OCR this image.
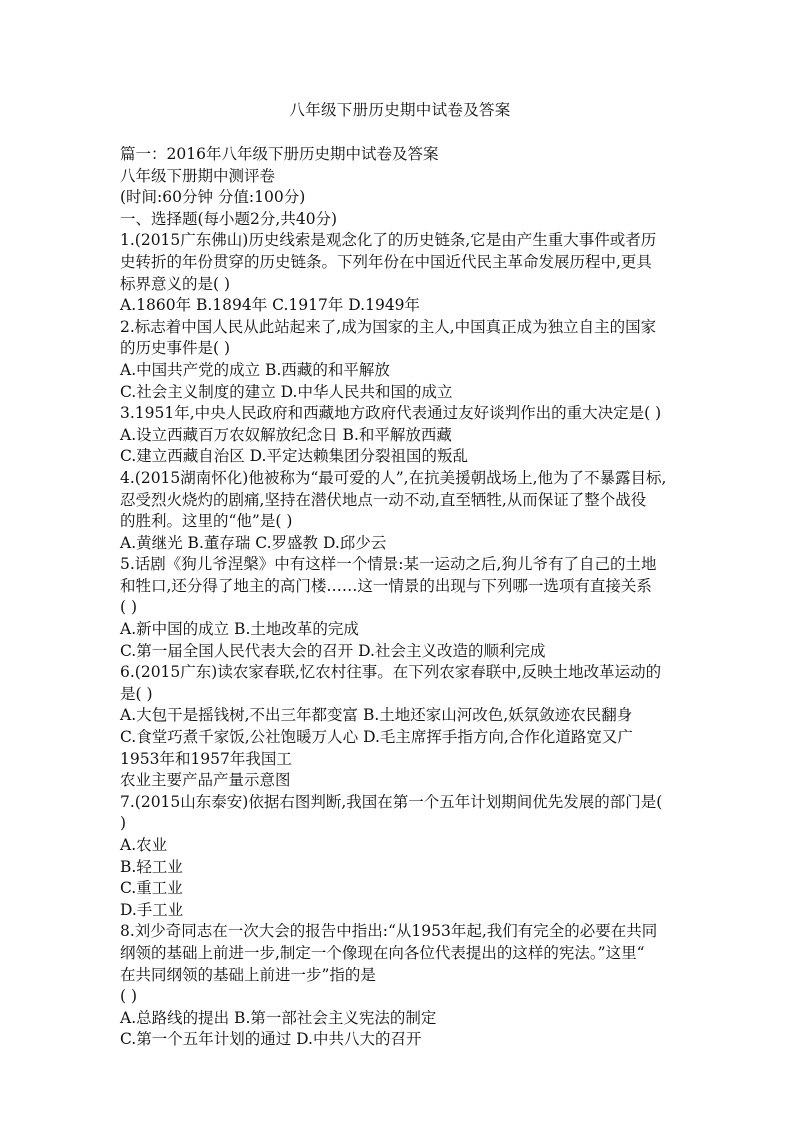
八年级下册历史期中试卷及答案
篇一：2016年八年级下册历史期中试卷及答案
八年级下册期中测评卷
(时间:60分钟 分值:100分)
一、选择题(每小题2分,共40分)
1.(2015广东佛山)历史线索是观念化了的历史链条,它是由产生重大事件或者历
史转折的年份贯穿的历史链条。下列年份在中国近代民主革命发展历程中,更具
标界意义的是( )
A.1860年 B.1894年 C.1917年 D.1949年
2.标志着中国人民从此站起来了,成为国家的主人,中国真正成为独立自主的国家
的历史事件是( )
A.中国共产党的成立 B.西藏的和平解放
C.社会主义制度的建立 D.中华人民共和国的成立
3.1951年,中央人民政府和西藏地方政府代表通过友好谈判作出的重大决定是( )
A.设立西藏百万农奴解放纪念日 B.和平解放西藏
C.建立西藏自治区 D.平定达赖集团分裂祖国的叛乱
4.(2015湖南怀化)他被称为“最可爱的人”,在抗美援朝战场上,他为了不暴露目标,
忍受烈火烧灼的剧痛,坚持在潜伏地点一动不动,直至牺牲,从而保证了整个战役
的胜利。这里的“他”是( )
A.黄继光 B.董存瑞 C.罗盛教 D.邱少云
5.话剧《狗儿爷涅槃》中有这样一个情景:某一运动之后,狗儿爷有了自己的土地
和牲口,还分得了地主的高门楼……这一情景的出现与下列哪一选项有直接关系
( )
A.新中国的成立 B.土地改革的完成
C.第一届全国人民代表大会的召开 D.社会主义改造的顺利完成
6.(2015广东)读农家春联,忆农村往事。在下列农家春联中,反映土地改革运动的
是( )
A.大包干是摇钱树,不出三年都变富 B.土地还家山河改色,妖氛敛迹农民翻身
C.食堂巧煮千家饭,公社饱暖万人心 D.毛主席挥手指方向,合作化道路宽又广
1953年和1957年我国工
农业主要产品产量示意图
7.(2015山东泰安)依据右图判断,我国在第一个五年计划期间优先发展的部门是(
)
A.农业
B.轻工业
C.重工业
D.手工业
8.刘少奇同志在一次大会的报告中指出:“从1953年起,我们有完全的必要在共同
纲领的基础上前进一步,制定一个像现在向各位代表提出的这样的宪法。”这里“
在共同纲领的基础上前进一步”指的是
( )
A.总路线的提出 B.第一部社会主义宪法的制定
C.第一个五年计划的通过 D.中共八大的召开
